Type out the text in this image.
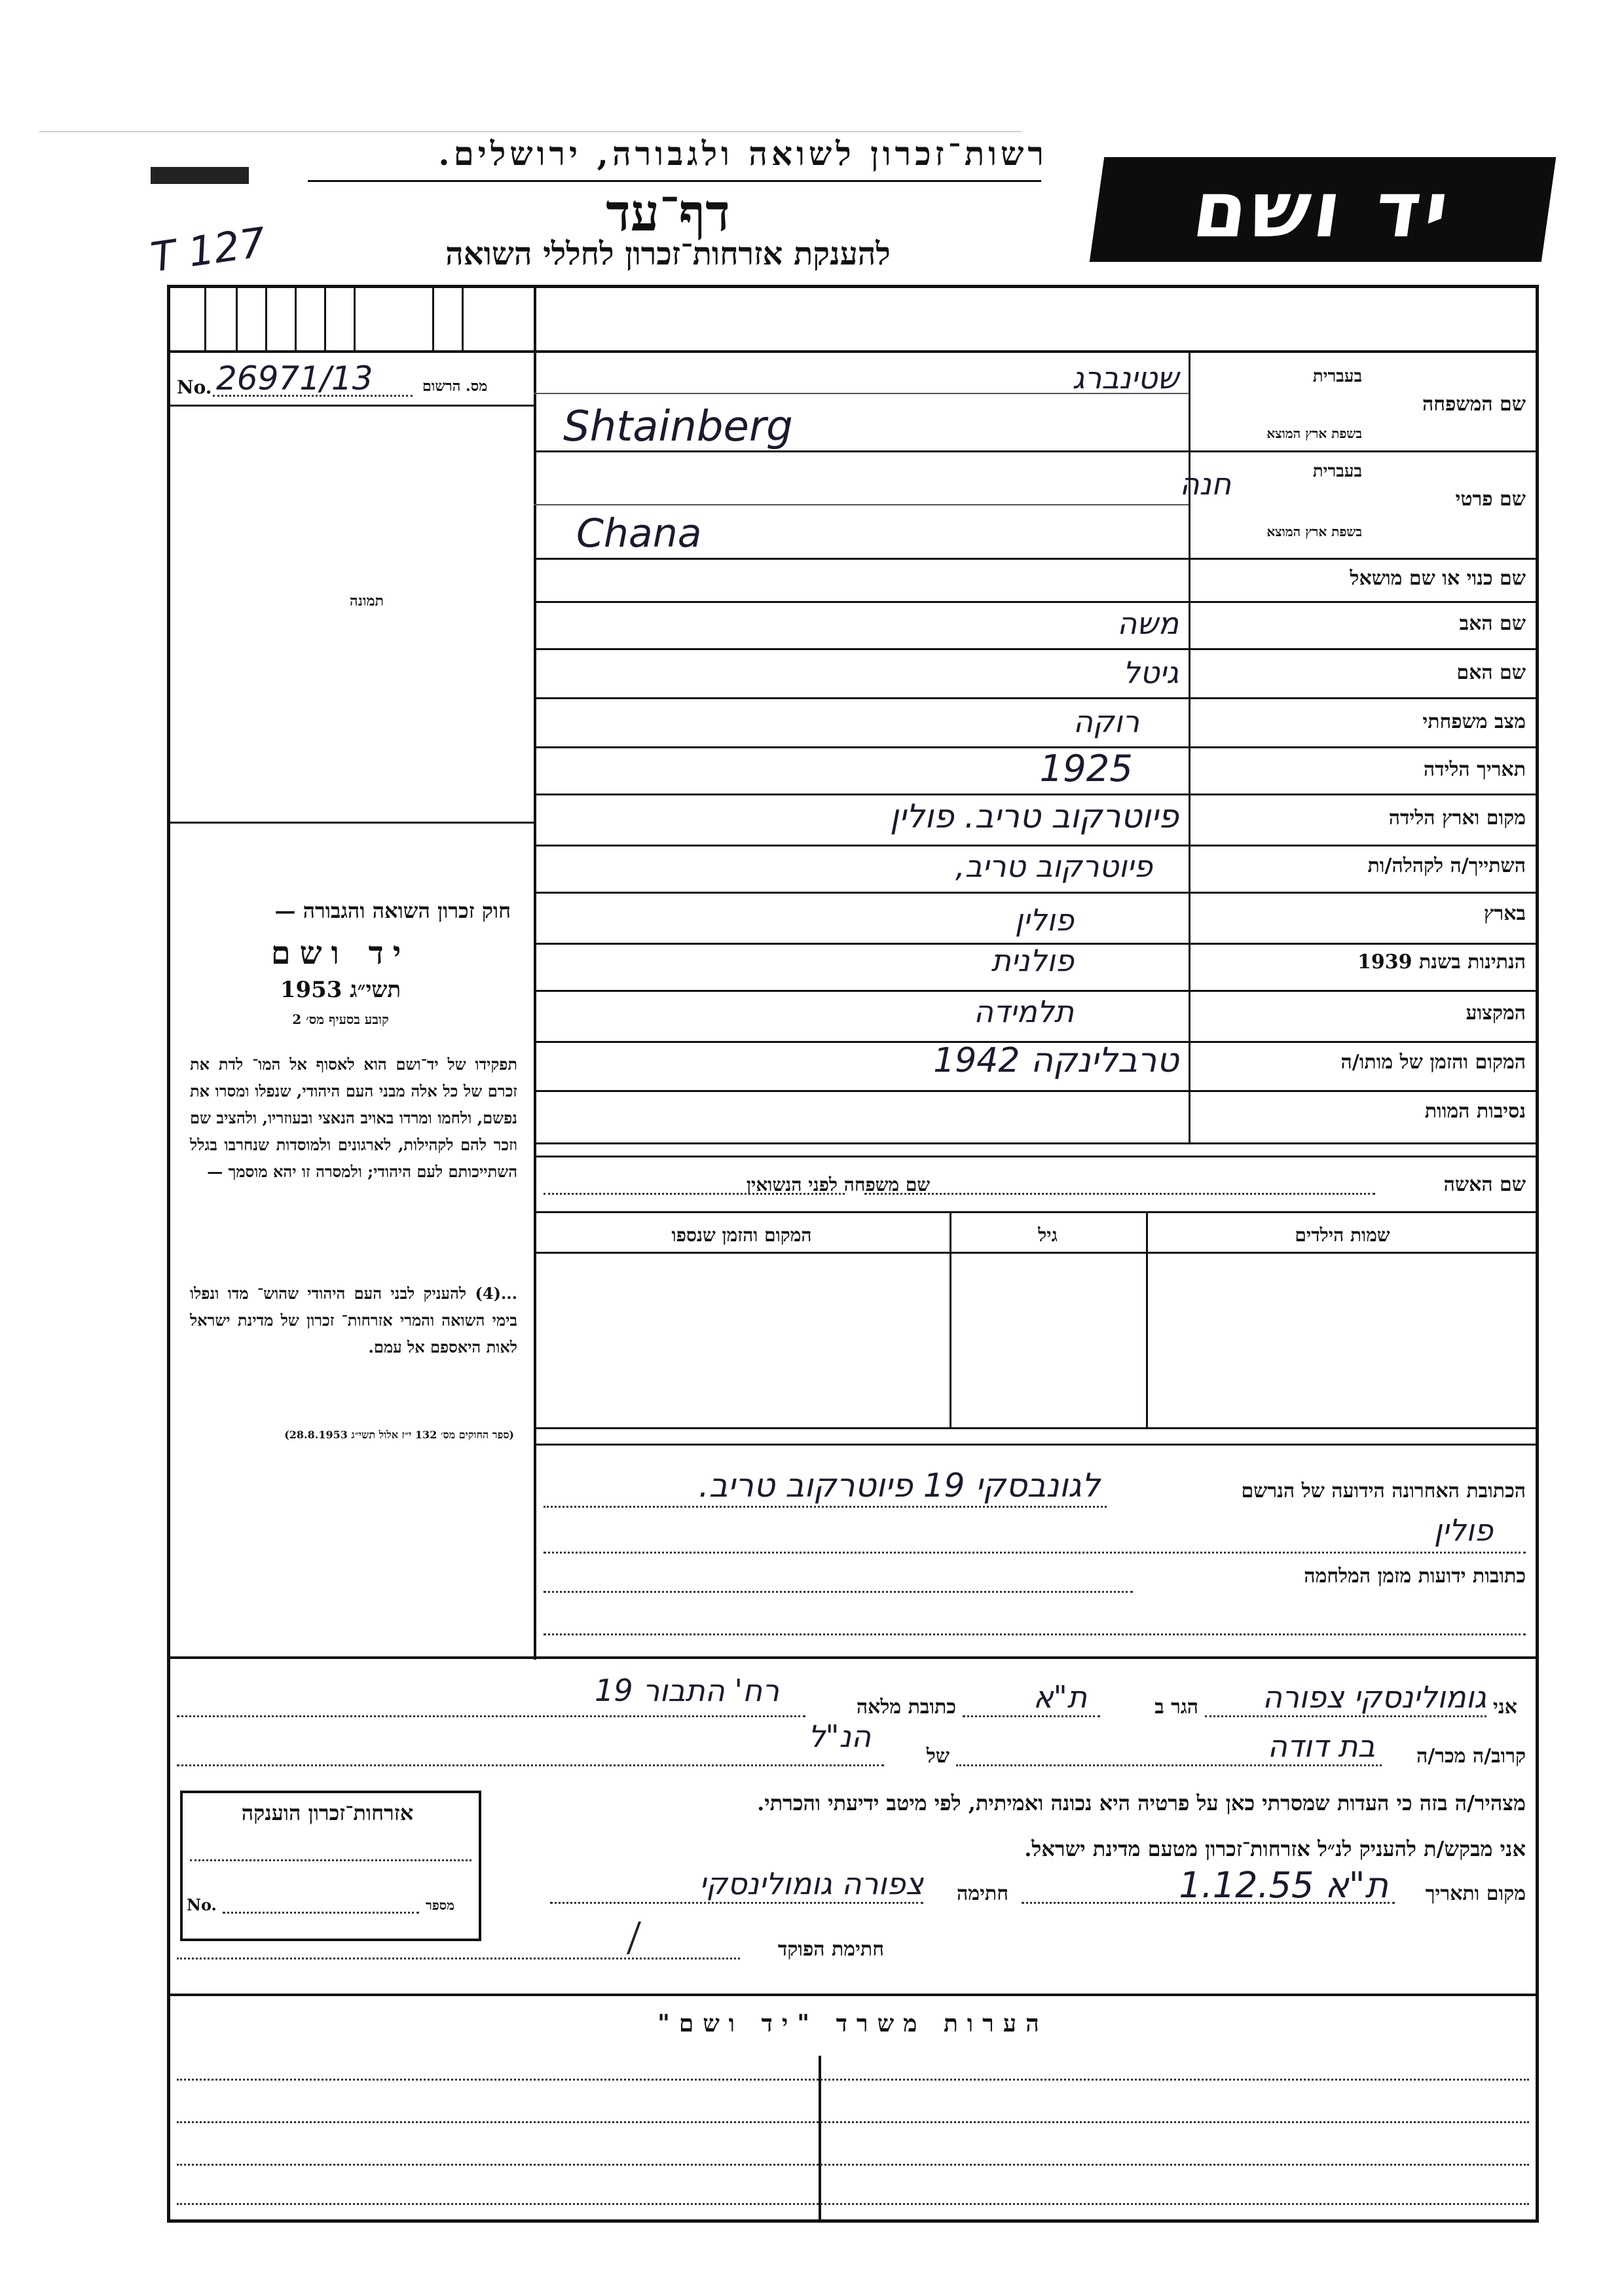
יד ושם
רשות־זכרון לשואה ולגבורה, ירושלים.
דף־עד
להענקת אזרחות־זכרון לחללי השואה
T 127
No. 26971/13	מס. הרשום
תמונה
חוק זכרון השואה והגבורה —
יד ושם
תשי״ג 1953
קובע בסעיף מס׳ 2
תפקידו של יד־ושם הוא לאסוף אל המו־ לדת את זכרם של כל אלה מבני העם היהודי, שנפלו ומסרו את נפשם, ולחמו ומרדו באויב הנאצי ובעוזריו, ולהציב שם וזכר להם לקהילות, לארגונים ולמוסדות שנחרבו בגלל השתייכותם לעם היהודי; ולמסרה זו יהא מוסמך —
...(4) להעניק לבני העם היהודי שהוש־ מדו ונפלו בימי השואה והמרי אזרחות־ זכרון של מדינת ישראל לאות היאספם אל עמם.
(ספר החוקים מס׳ 132 י״ז אלול תשי״ג 28.8.1953)
שם המשפחה
בעברית
בשפת ארץ המוצא
שטינברג
Shtainberg
שם פרטי
בעברית
בשפת ארץ המוצא
חנה
Chana
שם כנוי או שם מושאל
שם האב
משה
שם האם
גיטל
מצב משפחתי
רוקה
תאריך הלידה
1925
מקום וארץ הלידה
פיוטרקוב טריב. פולין
השתייך/ה לקהלה/ות
פיוטרקוב טריב,
בארץ
פולין
הנתינות בשנת 1939
פולנית
המקצוע
תלמידה
המקום והזמן של מותו/ה
טרבלינקה 1942
נסיבות המוות
שם האשה
שם משפחה לפני הנשואין
שמות הילדים
גיל
המקום והזמן שנספו
הכתובת האחרונה הידועה של הנרשם
לגונבסקי 19 פיוטרקוב טריב.
פולין
כתובות ידועות מזמן המלחמה
אני
גומולינסקי צפורה
הגר ב
ת"א
כתובת מלאה
רח' התבור 19
קרוב/ה מכר/ה
בת דודה
של
הנ"ל
מצהיר/ה בזה כי העדות שמסרתי כאן על פרטיה היא נכונה ואמיתית, לפי מיטב ידיעתי והכרתי.
אני מבקש/ת להעניק לנ״ל אזרחות־זכרון מטעם מדינת ישראל.
מקום ותאריך
ת"א 1.12.55
חתימה
צפורה גומולינסקי
חתימת הפוקד
אזרחות־זכרון הוענקה
No.	מספר
הערות משרד "יד ושם"
